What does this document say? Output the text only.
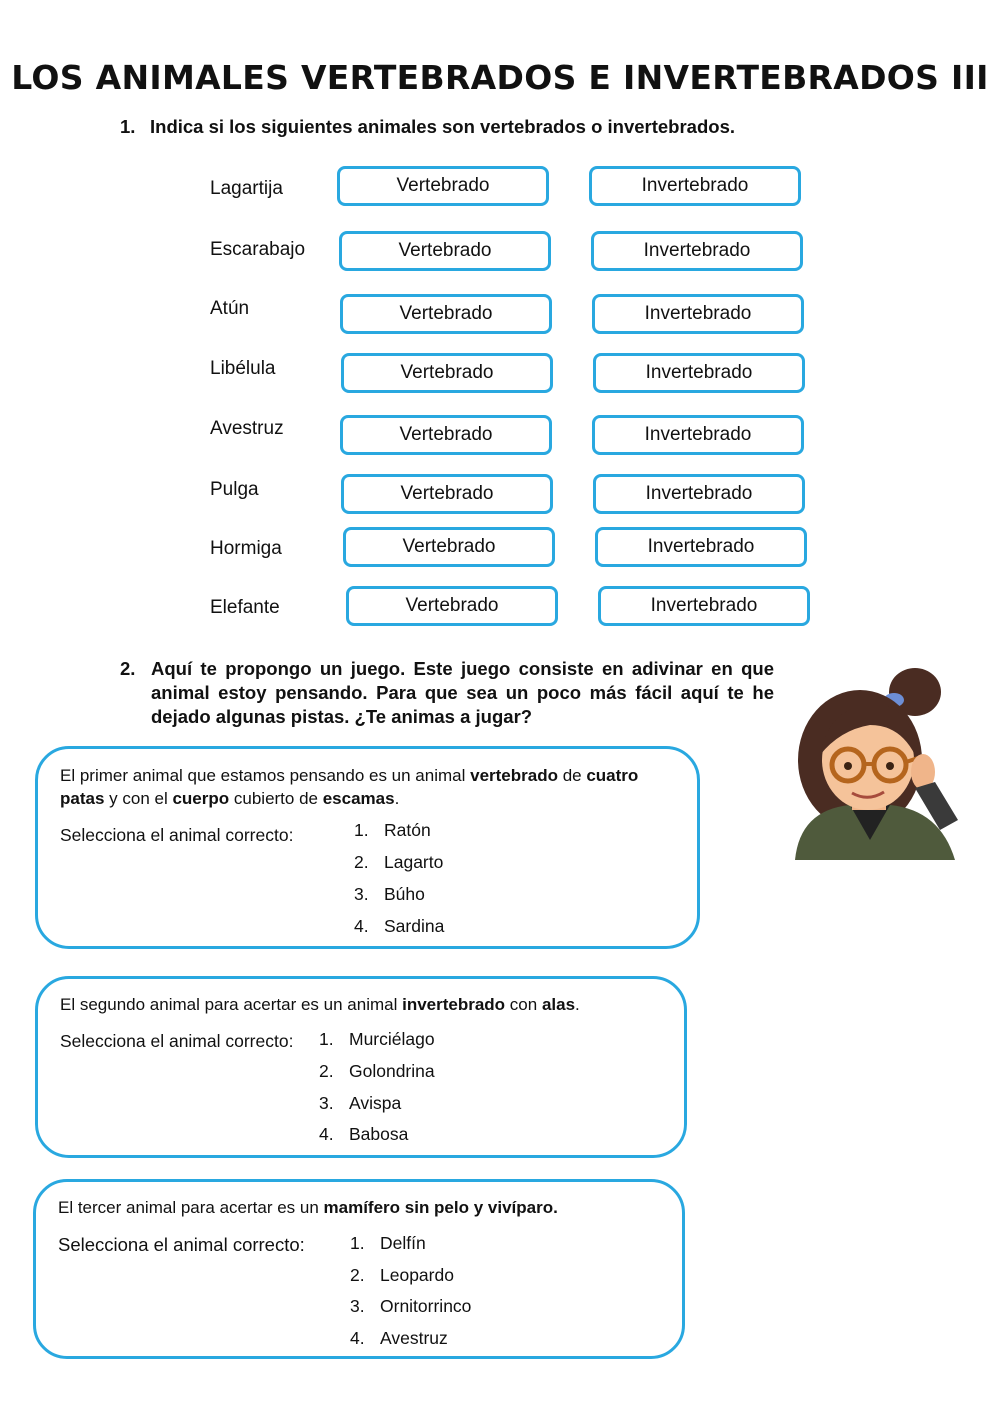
LOS ANIMALES VERTEBRADOS E INVERTEBRADOS III
1. Indica si los siguientes animales son vertebrados o invertebrados.
Lagartija	Vertebrado	Invertebrado
Escarabajo	Vertebrado	Invertebrado
Atún	Vertebrado	Invertebrado
Libélula	Vertebrado	Invertebrado
Avestruz	Vertebrado	Invertebrado
Pulga	Vertebrado	Invertebrado
Hormiga	Vertebrado	Invertebrado
Elefante	Vertebrado	Invertebrado
2. Aquí te propongo un juego. Este juego consiste en adivinar en que animal estoy pensando. Para que sea un poco más fácil aquí te he dejado algunas pistas. ¿Te animas a jugar?
El primer animal que estamos pensando es un animal vertebrado de cuatro patas y con el cuerpo cubierto de escamas.
Selecciona el animal correcto:	1. Ratón
2. Lagarto
3. Búho
4. Sardina
El segundo animal para acertar es un animal invertebrado con alas.
Selecciona el animal correcto: 1. Murciélago
2. Golondrina
3. Avispa
4. Babosa
El tercer animal para acertar es un mamífero sin pelo y vivíparo.
Selecciona el animal correcto:	1. Delfín
2. Leopardo
3. Ornitorrinco
4. Avestruz
